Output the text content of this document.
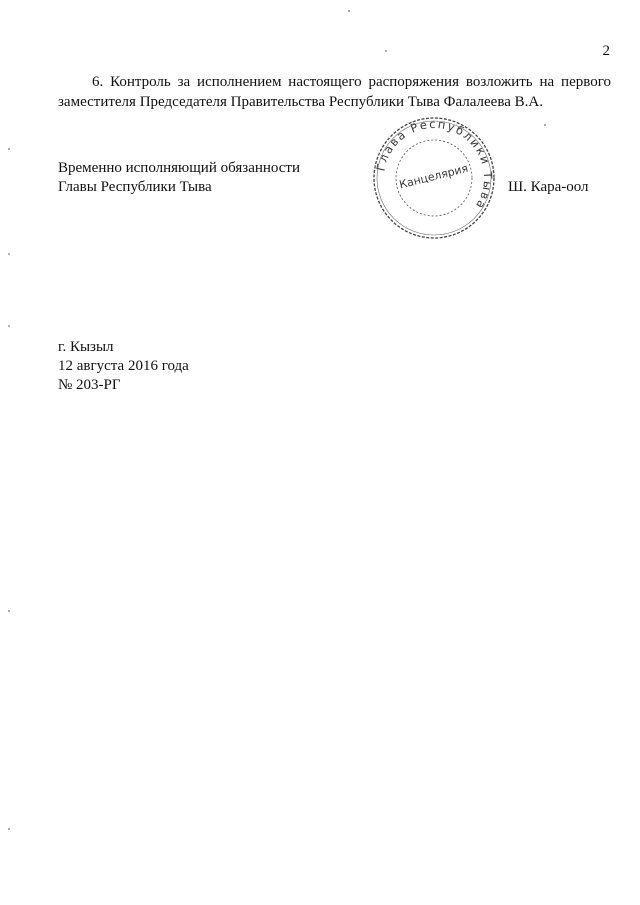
2
6. Контроль за исполнением настоящего распоряжения возложить на первого заместителя Председателя Правительства Республики Тыва Фалалеева В.А.
Временно исполняющий обязанности
Главы Республики Тыва
Глава Республики Тыва
Канцелярия	Ш. Кара-оол
г. Кызыл
12 августа 2016 года
№ 203-РГ
